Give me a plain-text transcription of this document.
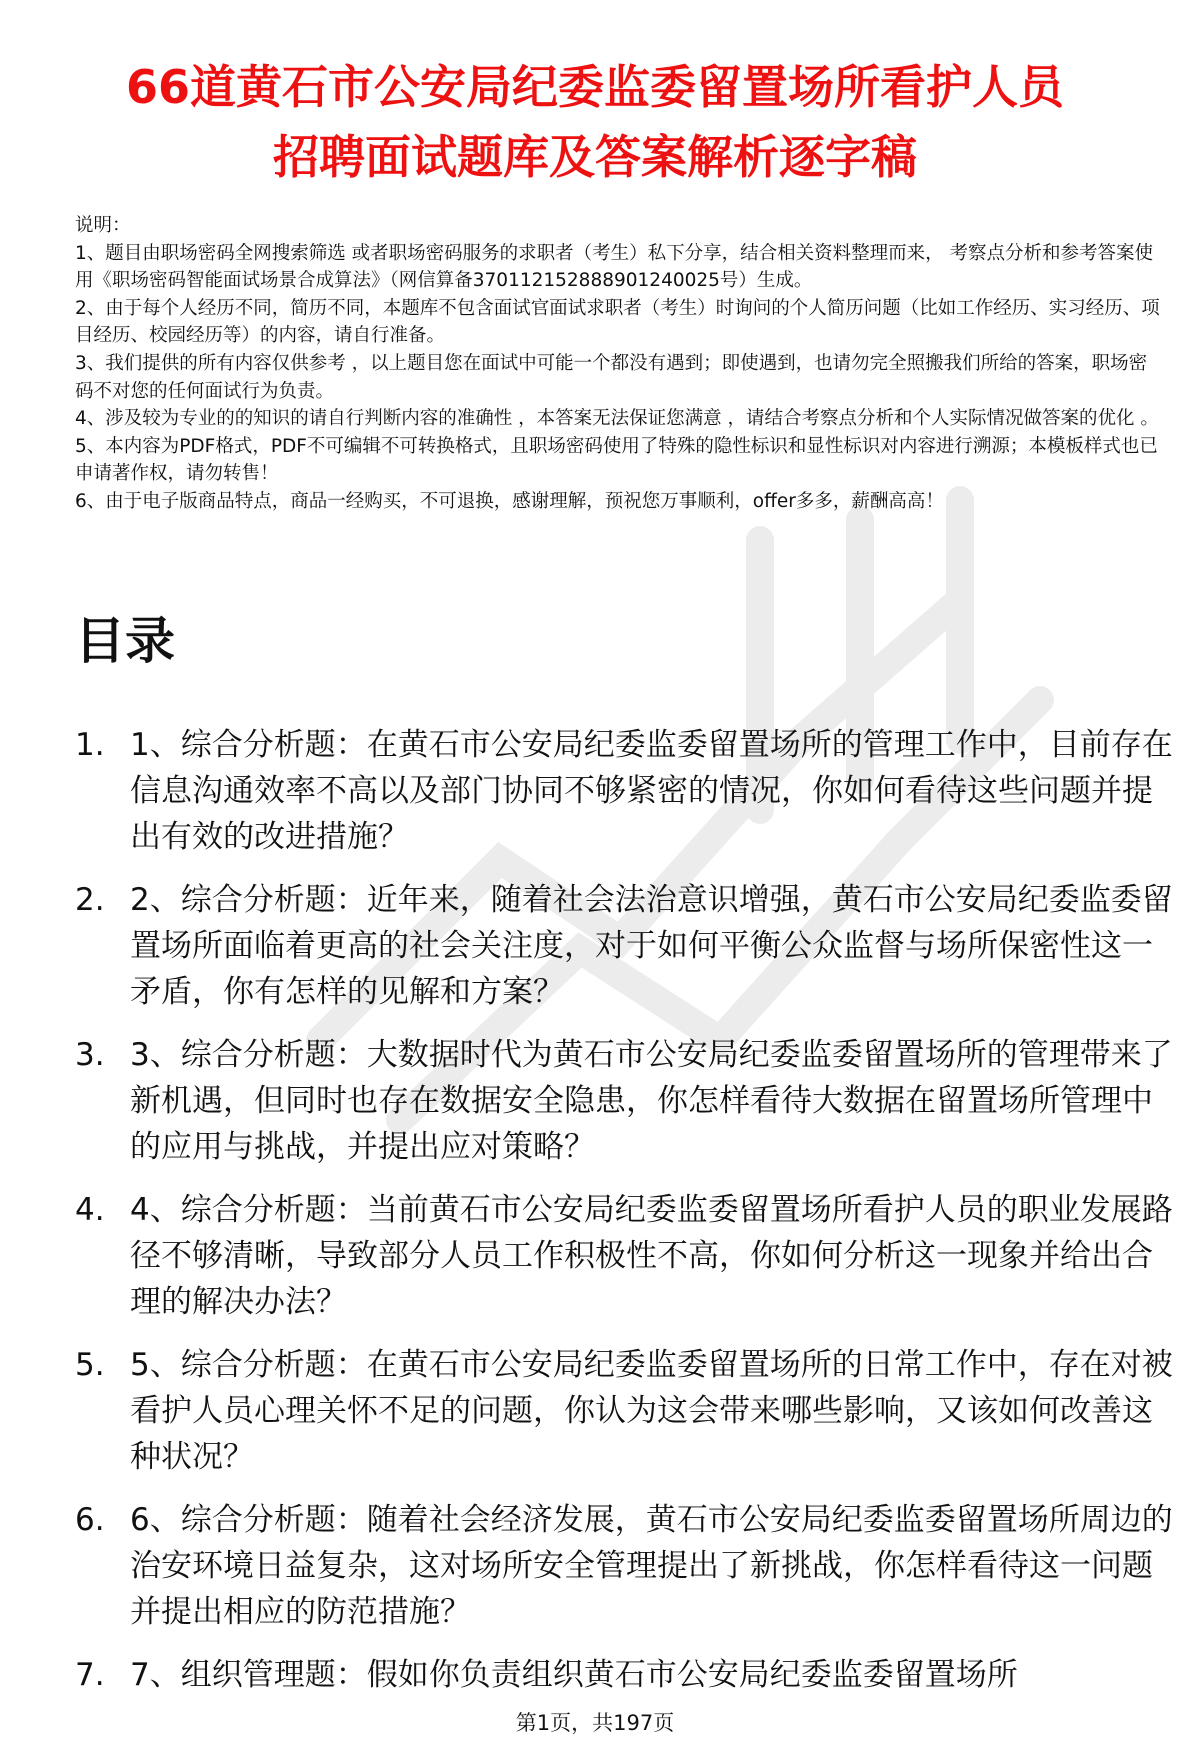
66道黄石市公安局纪委监委留置场所看护人员
招聘面试题库及答案解析逐字稿

说明：

1、题目由职场密码全网搜索筛选 或者职场密码服务的求职者（考生）私下分享，结合相关资料整理而来， 考察点分析和参考答案使用《职场密码智能面试场景合成算法》（网信算备370112152888901240025号）生成。

2、由于每个人经历不同，简历不同，本题库不包含面试官面试求职者（考生）时询问的个人简历问题（比如工作经历、实习经历、项目经历、校园经历等）的内容，请自行准备。

3、我们提供的所有内容仅供参考 ，以上题目您在面试中可能一个都没有遇到；即使遇到，也请勿完全照搬我们所给的答案，职场密码不对您的任何面试行为负责。

4、涉及较为专业的的知识的请自行判断内容的准确性 ，本答案无法保证您满意 ，请结合考察点分析和个人实际情况做答案的优化 。

5、本内容为PDF格式，PDF不可编辑不可转换格式，且职场密码使用了特殊的隐性标识和显性标识对内容进行溯源；本模板样式也已申请著作权，请勿转售！

6、由于电子版商品特点，商品一经购买，不可退换，感谢理解，预祝您万事顺利，offer多多，薪酬高高！

目录
1. 1、综合分析题：在黄石市公安局纪委监委留置场所的管理工作中，目前存在信息沟通效率不高以及部门协同不够紧密的情况，你如何看待这些问题并提出有效的改进措施？
2. 2、综合分析题：近年来，随着社会法治意识增强，黄石市公安局纪委监委留置场所面临着更高的社会关注度，对于如何平衡公众监督与场所保密性这一矛盾，你有怎样的见解和方案？
3. 3、综合分析题：大数据时代为黄石市公安局纪委监委留置场所的管理带来了新机遇，但同时也存在数据安全隐患，你怎样看待大数据在留置场所管理中的应用与挑战，并提出应对策略？
4. 4、综合分析题：当前黄石市公安局纪委监委留置场所看护人员的职业发展路径不够清晰，导致部分人员工作积极性不高，你如何分析这一现象并给出合理的解决办法？
5. 5、综合分析题：在黄石市公安局纪委监委留置场所的日常工作中，存在对被看护人员心理关怀不足的问题，你认为这会带来哪些影响，又该如何改善这种状况？
6. 6、综合分析题：随着社会经济发展，黄石市公安局纪委监委留置场所周边的治安环境日益复杂，这对场所安全管理提出了新挑战，你怎样看待这一问题并提出相应的防范措施？
7. 7、组织管理题：假如你负责组织黄石市公安局纪委监委留置场所
第1页，共197页
